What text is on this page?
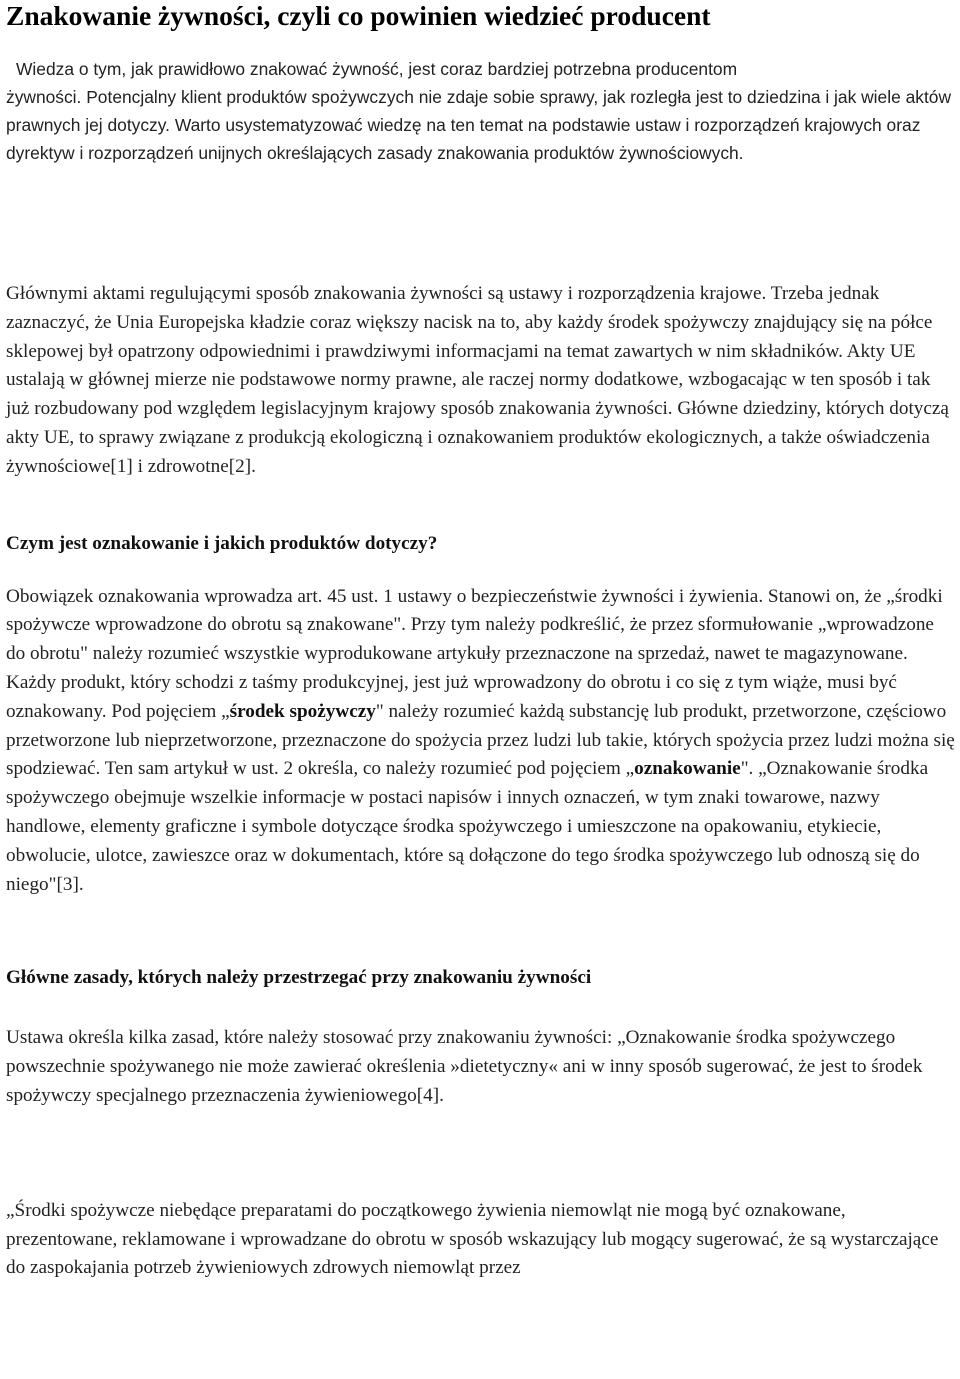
Znakowanie żywności, czyli co powinien wiedzieć producent

Wiedza o tym, jak prawidłowo znakować żywność, jest coraz bardziej potrzebna producentom

żywności. Potencjalny klient produktów spożywczych nie zdaje sobie sprawy, jak rozległa jest to dziedzina i jak wiele aktów prawnych jej dotyczy. Warto usystematyzować wiedzę na ten temat na podstawie ustaw i rozporządzeń krajowych oraz dyrektyw i rozporządzeń unijnych określających zasady znakowania produktów żywnościowych.

Głównymi aktami regulującymi sposób znakowania żywności są ustawy i rozporządzenia krajowe. Trzeba jednak zaznaczyć, że Unia Europejska kładzie coraz większy nacisk na to, aby każdy środek spożywczy znajdujący się na półce sklepowej był opatrzony odpowiednimi i prawdziwymi informacjami na temat zawartych w nim składników. Akty UE ustalają w głównej mierze nie podstawowe normy prawne, ale raczej normy dodatkowe, wzbogacając w ten sposób i tak już rozbudowany pod względem legislacyjnym krajowy sposób znakowania żywności. Główne dziedziny, których dotyczą akty UE, to sprawy związane z produkcją ekologiczną i oznakowaniem produktów ekologicznych, a także oświadczenia żywnościowe[1] i zdrowotne[2].

Czym jest oznakowanie i jakich produktów dotyczy?

Obowiązek oznakowania wprowadza art. 45 ust. 1 ustawy o bezpieczeństwie żywności i żywienia. Stanowi on, że „środki spożywcze wprowadzone do obrotu są znakowane". Przy tym należy podkreślić, że przez sformułowanie „wprowadzone do obrotu" należy rozumieć wszystkie wyprodukowane artykuły przeznaczone na sprzedaż, nawet te magazynowane. Każdy produkt, który schodzi z taśmy produkcyjnej, jest już wprowadzony do obrotu i co się z tym wiąże, musi być oznakowany. Pod pojęciem „środek spożywczy" należy rozumieć każdą substancję lub produkt, przetworzone, częściowo przetworzone lub nieprzetworzone, przeznaczone do spożycia przez ludzi lub takie, których spożycia przez ludzi można się spodziewać. Ten sam artykuł w ust. 2 określa, co należy rozumieć pod pojęciem „oznakowanie". „Oznakowanie środka spożywczego obejmuje wszelkie informacje w postaci napisów i innych oznaczeń, w tym znaki towarowe, nazwy handlowe, elementy graficzne i symbole dotyczące środka spożywczego i umieszczone na opakowaniu, etykiecie, obwolucie, ulotce, zawieszce oraz w dokumentach, które są dołączone do tego środka spożywczego lub odnoszą się do niego"[3].

Główne zasady, których należy przestrzegać przy znakowaniu żywności

Ustawa określa kilka zasad, które należy stosować przy znakowaniu żywności: „Oznakowanie środka spożywczego powszechnie spożywanego nie może zawierać określenia »dietetyczny« ani w inny sposób sugerować, że jest to środek spożywczy specjalnego przeznaczenia żywieniowego[4].

„Środki spożywcze niebędące preparatami do początkowego żywienia niemowląt nie mogą być oznakowane, prezentowane, reklamowane i wprowadzane do obrotu w sposób wskazujący lub mogący sugerować, że są wystarczające do zaspokajania potrzeb żywieniowych zdrowych niemowląt przez
